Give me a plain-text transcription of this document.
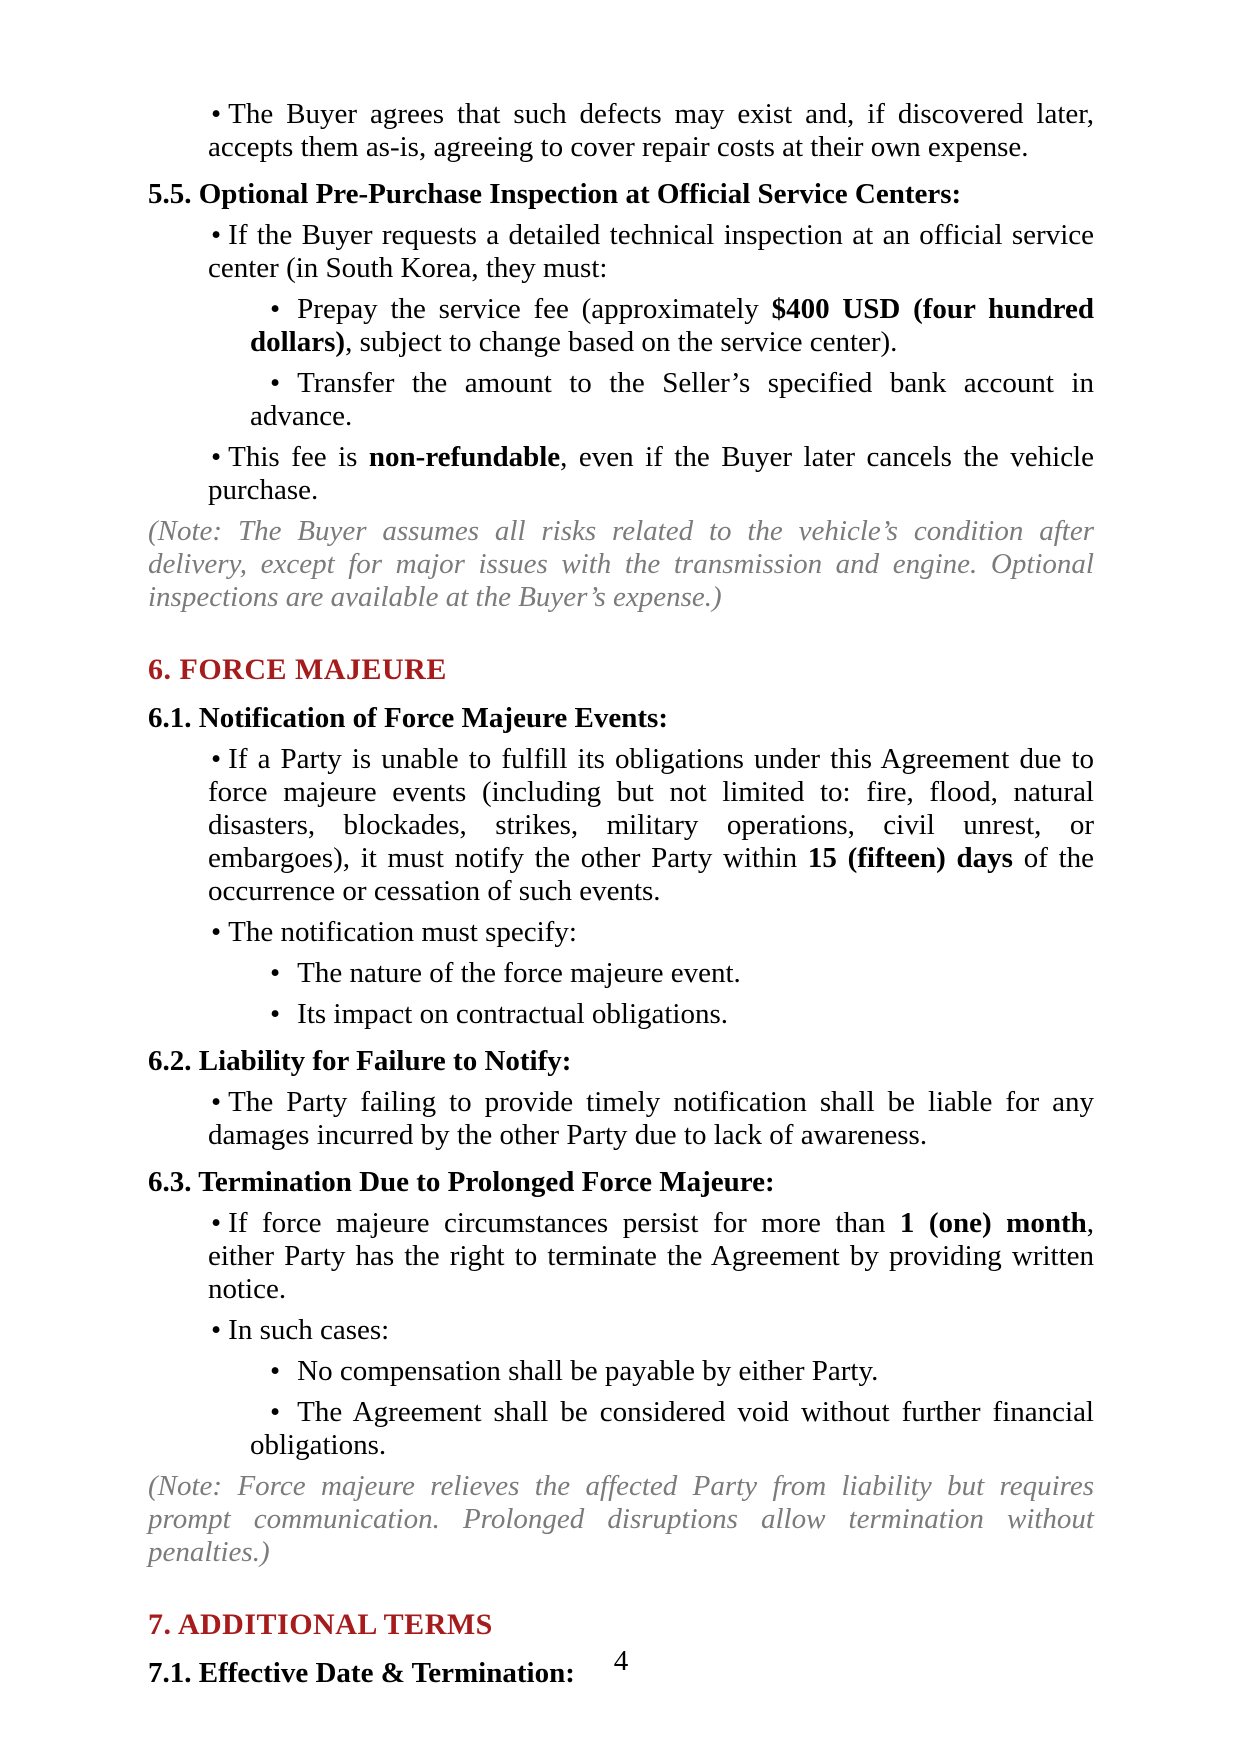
• The Buyer agrees that such defects may exist and, if discovered later, accepts them as-is, agreeing to cover repair costs at their own expense.
5.5. Optional Pre-Purchase Inspection at Official Service Centers:
• If the Buyer requests a detailed technical inspection at an official service center (in South Korea, they must:
• Prepay the service fee (approximately $400 USD (four hundred dollars), subject to change based on the service center).
• Transfer the amount to the Seller’s specified bank account in advance.
• This fee is non-refundable, even if the Buyer later cancels the vehicle purchase.
(Note: The Buyer assumes all risks related to the vehicle’s condition after delivery, except for major issues with the transmission and engine. Optional inspections are available at the Buyer’s expense.)
6. FORCE MAJEURE
6.1. Notification of Force Majeure Events:
• If a Party is unable to fulfill its obligations under this Agreement due to force majeure events (including but not limited to: fire, flood, natural disasters, blockades, strikes, military operations, civil unrest, or embargoes), it must notify the other Party within 15 (fifteen) days of the occurrence or cessation of such events.
• The notification must specify:
• The nature of the force majeure event.
• Its impact on contractual obligations.
6.2. Liability for Failure to Notify:
• The Party failing to provide timely notification shall be liable for any damages incurred by the other Party due to lack of awareness.
6.3. Termination Due to Prolonged Force Majeure:
• If force majeure circumstances persist for more than 1 (one) month, either Party has the right to terminate the Agreement by providing written notice.
• In such cases:
• No compensation shall be payable by either Party.
• The Agreement shall be considered void without further financial obligations.
(Note: Force majeure relieves the affected Party from liability but requires prompt communication. Prolonged disruptions allow termination without penalties.)
7. ADDITIONAL TERMS
7.1. Effective Date & Termination:	4
